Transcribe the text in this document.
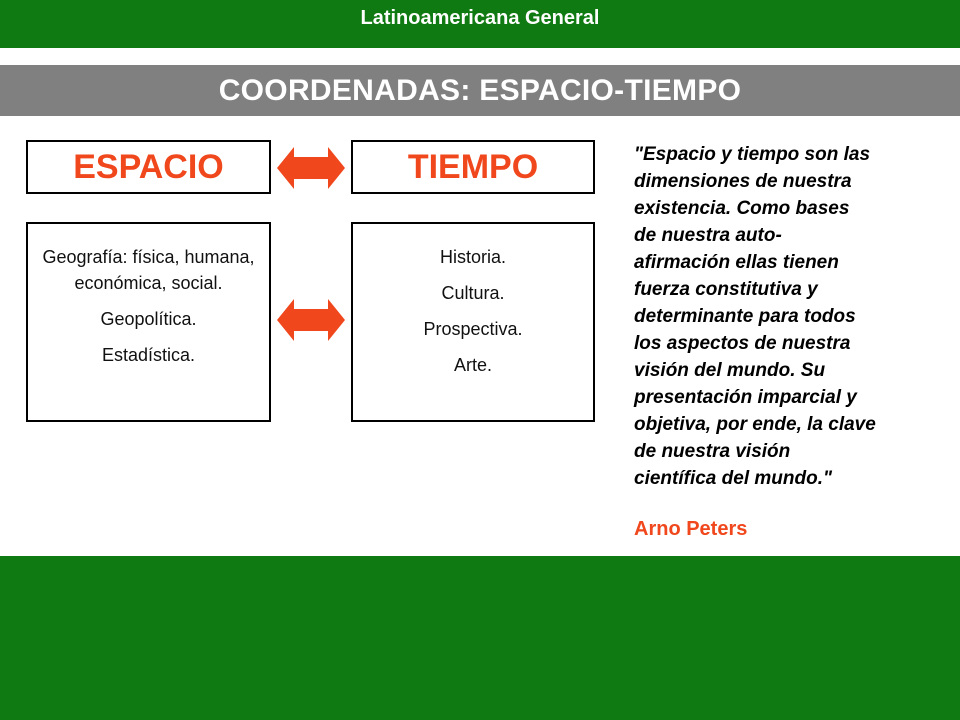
Latinoamericana General
COORDENADAS: ESPACIO-TIEMPO
ESPACIO	TIEMPO

Geografía: física, humana, económica, social.

Geopolítica.

Estadística.

Historia.

Cultura.

Prospectiva.

Arte.

"Espacio y tiempo son las
dimensiones de nuestra
existencia. Como bases
de nuestra auto-
afirmación ellas tienen
fuerza constitutiva y
determinante para todos
los aspectos de nuestra
visión del mundo. Su
presentación imparcial y
objetiva, por ende, la clave
de nuestra visión
científica del mundo."
Arno Peters
